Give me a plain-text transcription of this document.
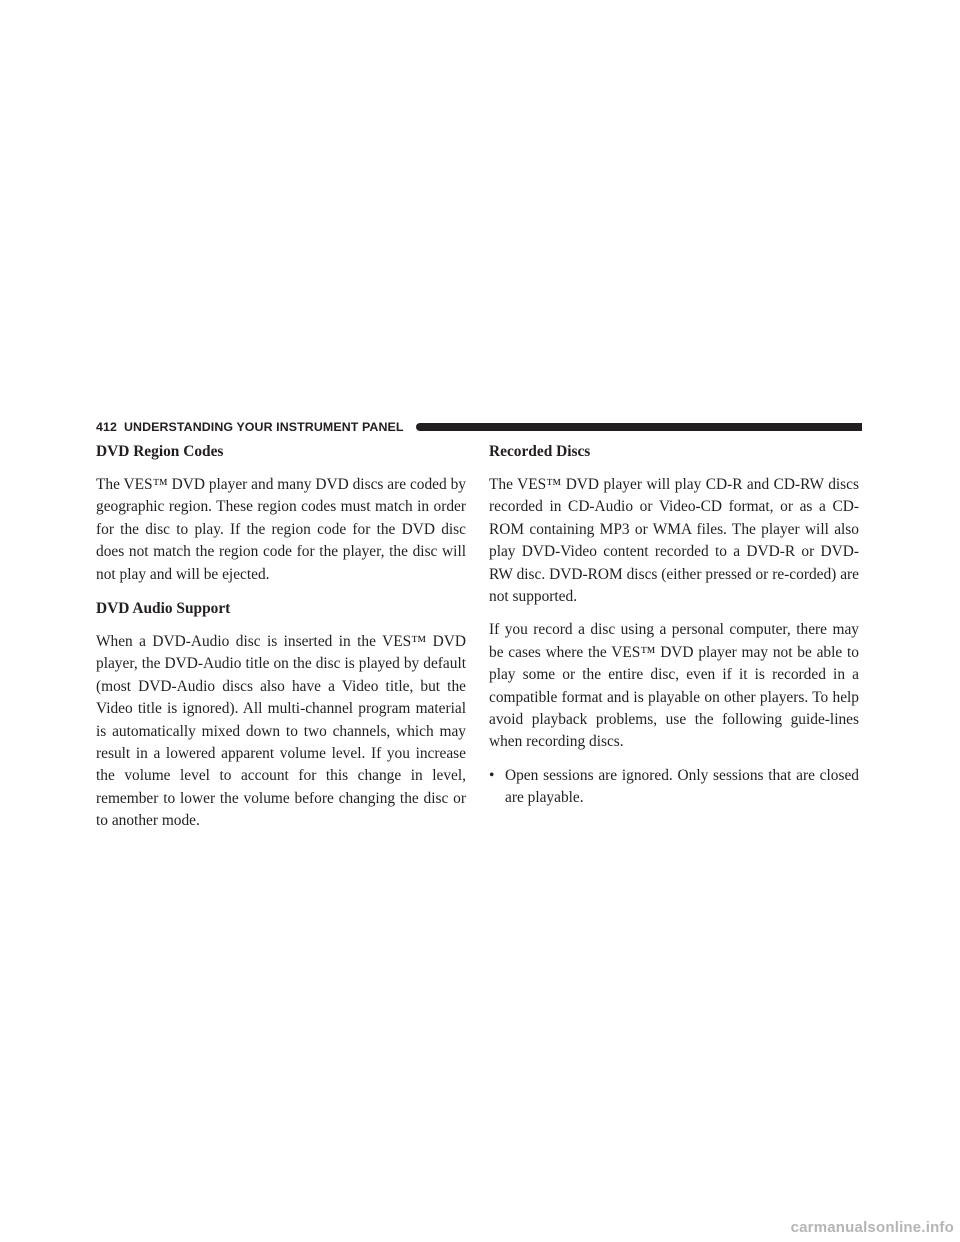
412 UNDERSTANDING YOUR INSTRUMENT PANEL
DVD Region Codes

The VES™ DVD player and many DVD discs are coded by geographic region. These region codes must match in order for the disc to play. If the region code for the DVD disc does not match the region code for the player, the disc will not play and will be ejected.

DVD Audio Support

When a DVD-Audio disc is inserted in the VES™ DVD player, the DVD-Audio title on the disc is played by default (most DVD-Audio discs also have a Video title, but the Video title is ignored). All multi-channel program material is automatically mixed down to two channels, which may result in a lowered apparent volume level. If you increase the volume level to account for this change in level, remember to lower the volume before changing the disc or to another mode.

Recorded Discs

The VES™ DVD player will play CD-R and CD-RW discs recorded in CD-Audio or Video-CD format, or as a CD-ROM containing MP3 or WMA files. The player will also play DVD-Video content recorded to a DVD-R or DVD-RW disc. DVD-ROM discs (either pressed or re-corded) are not supported.

If you record a disc using a personal computer, there may be cases where the VES™ DVD player may not be able to play some or the entire disc, even if it is recorded in a compatible format and is playable on other players. To help avoid playback problems, use the following guide-lines when recording discs.

• Open sessions are ignored. Only sessions that are closed are playable.
carmanualsonline.info
